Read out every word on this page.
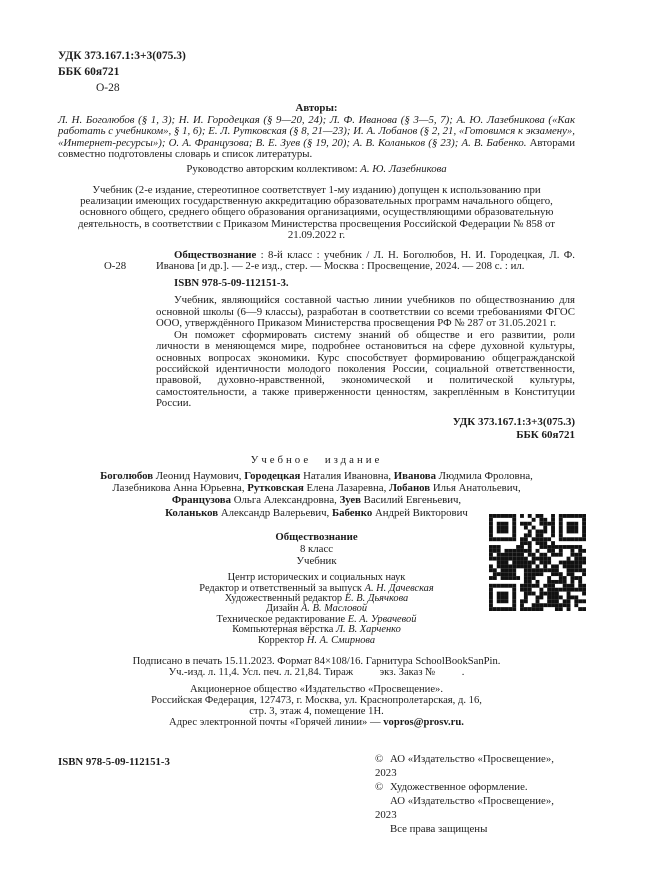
УДК 373.167.1:3+3(075.3)
ББК 60я721
О-28
Авторы:
Л. Н. Боголюбов (§ 1, 3); Н. И. Городецкая (§ 9—20, 24); Л. Ф. Иванова (§ 3—5, 7); А. Ю. Лазебникова («Как работать с учебником», § 1, 6); Е. Л. Рутковская (§ 8, 21—23); И. А. Лобанов (§ 2, 21, «Готовимся к экзамену», «Интернет-ресурсы»); О. А. Французова; В. Е. Зуев (§ 19, 20); А. В. Коланьков (§ 23); А. В. Бабенко. Авторами совместно подготовлены словарь и список литературы.
Руководство авторским коллективом: А. Ю. Лазебникова
Учебник (2-е издание, стереотипное соответствует 1-му изданию) допущен к использованию при реализации имеющих государственную аккредитацию образовательных программ начального общего, основного общего, среднего общего образования организациями, осуществляющими образовательную деятельность, в соответствии с Приказом Министерства просвещения Российской Федерации № 858 от 21.09.2022 г.
О-28
Обществознание : 8-й класс : учебник / Л. Н. Боголюбов, Н. И. Городецкая, Л. Ф. Иванова [и др.]. — 2-е изд., стер. — Москва : Просвещение, 2024. — 208 с. : ил.
ISBN 978-5-09-112151-3.

Учебник, являющийся составной частью линии учебников по обществознанию для основной школы (6—9 классы), разработан в соответствии со всеми требованиями ФГОС ООО, утверждённого Приказом Министерства просвещения РФ № 287 от 31.05.2021 г.

Он поможет сформировать систему знаний об обществе и его развитии, роли личности в меняющемся мире, подробнее остановиться на сфере духовной культуры, основных вопросах экономики. Курс способствует формированию общегражданской российской идентичности молодого поколения России, социальной ответственности, правовой, духовно-нравственной, экономической и политической культуры, самостоятельности, а также приверженности ценностям, закреплённым в Конституции России.

УДК 373.167.1:3+3(075.3)
ББК 60я721
Учебное издание
Боголюбов Леонид Наумович, Городецкая Наталия Ивановна, Иванова Людмила Фроловна,
Лазебникова Анна Юрьевна, Рутковская Елена Лазаревна, Лобанов Илья Анатольевич,
Французова Ольга Александровна, Зуев Василий Евгеньевич,
Коланьков Александр Валерьевич, Бабенко Андрей Викторович
Обществознание
8 класс
Учебник
Центр исторических и социальных наук
Редактор и ответственный за выпуск А. Н. Дачевская
Художественный редактор Е. В. Дьячкова
Дизайн А. В. Масловой
Техническое редактирование Е. А. Урвачевой
Компьютерная вёрстка Л. В. Харченко
Корректор Н. А. Смирнова
Подписано в печать 15.11.2023. Формат 84×108/16. Гарнитура SchoolBookSanPin.
Уч.-изд. л. 11,4. Усл. печ. л. 21,84. Тираж          экз. Заказ №          .
Акционерное общество «Издательство «Просвещение».
Российская Федерация, 127473, г. Москва, ул. Краснопролетарская, д. 16,
стр. 3, этаж 4, помещение 1Н.
Адрес электронной почты «Горячей линии» — vopros@prosv.ru.
ISBN 978-5-09-112151-3	© АО «Издательство «Просвещение», 2023
© Художественное оформление.
АО «Издательство «Просвещение», 2023
Все права защищены
